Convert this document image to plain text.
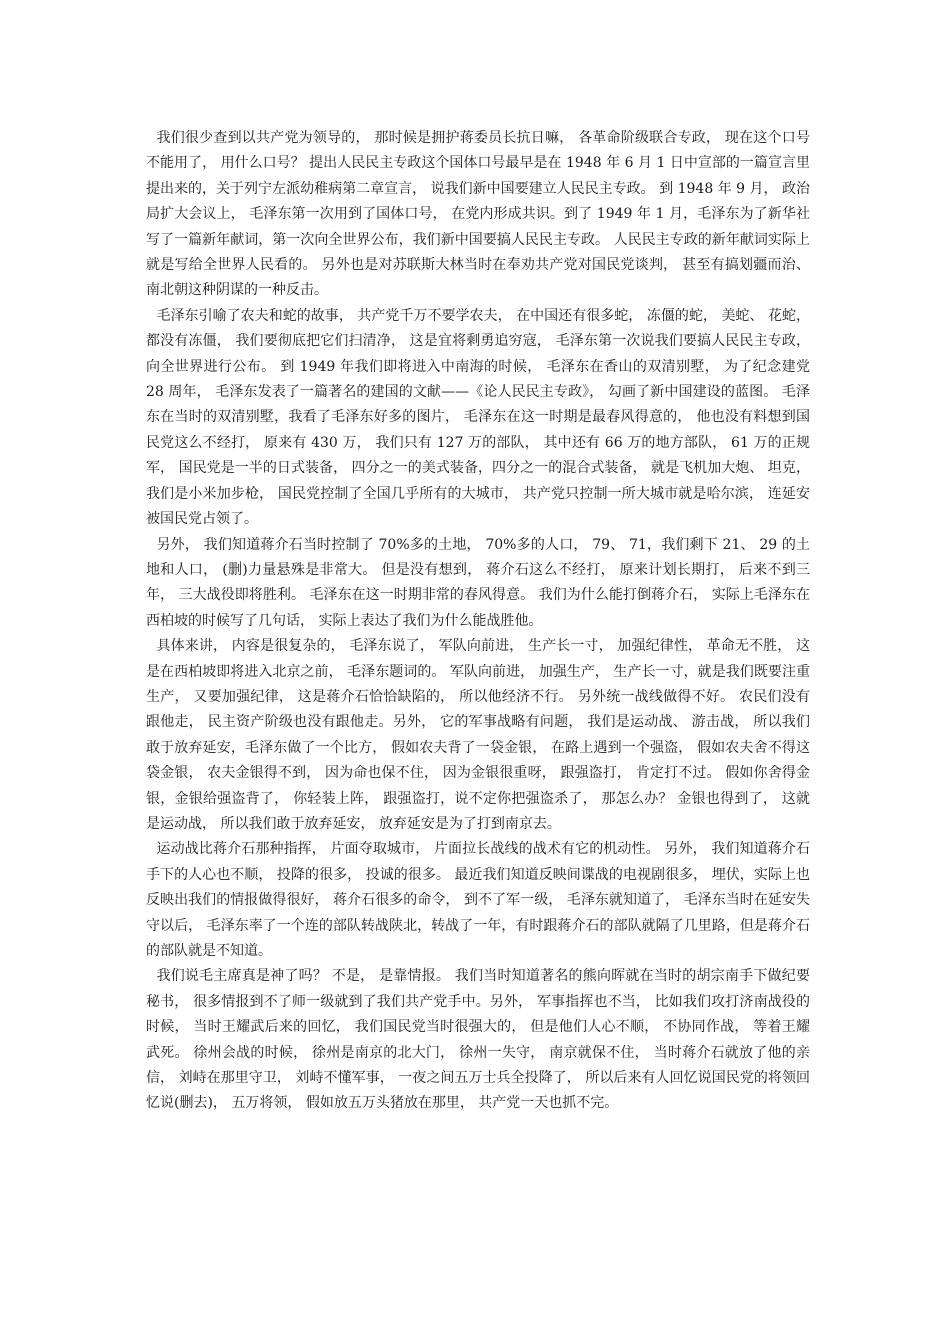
我们很少查到以共产党为领导的， 那时候是拥护蒋委员长抗日嘛， 各革命阶级联合专政， 现在这个口号不能用了， 用什么口号？ 提出人民民主专政这个国体口号最早是在 1948 年 6 月 1 日中宣部的一篇宣言里提出来的，关于列宁左派幼稚病第二章宣言， 说我们新中国要建立人民民主专政。 到 1948 年 9 月， 政治局扩大会议上， 毛泽东第一次用到了国体口号， 在党内形成共识。到了 1949 年 1 月，毛泽东为了新华社写了一篇新年献词，第一次向全世界公布，我们新中国要搞人民民主专政。 人民民主专政的新年献词实际上就是写给全世界人民看的。 另外也是对苏联斯大林当时在奉劝共产党对国民党谈判， 甚至有搞划疆而治、 南北朝这种阴谋的一种反击。

毛泽东引喻了农夫和蛇的故事， 共产党千万不要学农夫， 在中国还有很多蛇， 冻僵的蛇， 美蛇、 花蛇， 都没有冻僵， 我们要彻底把它们扫清净， 这是宜将剩勇追穷寇， 毛泽东第一次说我们要搞人民民主专政， 向全世界进行公布。 到 1949 年我们即将进入中南海的时候， 毛泽东在香山的双清别墅， 为了纪念建党 28 周年， 毛泽东发表了一篇著名的建国的文献——《论人民民主专政》， 勾画了新中国建设的蓝图。 毛泽东在当时的双清别墅，我看了毛泽东好多的图片， 毛泽东在这一时期是最春风得意的， 他也没有料想到国民党这么不经打， 原来有 430 万， 我们只有 127 万的部队， 其中还有 66 万的地方部队， 61 万的正规军， 国民党是一半的日式装备， 四分之一的美式装备，四分之一的混合式装备， 就是飞机加大炮、 坦克， 我们是小米加步枪， 国民党控制了全国几乎所有的大城市， 共产党只控制一所大城市就是哈尔滨， 连延安被国民党占领了。

另外， 我们知道蒋介石当时控制了 70%多的土地， 70%多的人口， 79、 71，我们剩下 21、 29 的土地和人口， (删)力量悬殊是非常大。 但是没有想到， 蒋介石这么不经打， 原来计划长期打， 后来不到三年， 三大战役即将胜利。 毛泽东在这一时期非常的春风得意。 我们为什么能打倒蒋介石， 实际上毛泽东在西柏坡的时候写了几句话， 实际上表达了我们为什么能战胜他。

具体来讲， 内容是很复杂的， 毛泽东说了， 军队向前进， 生产长一寸， 加强纪律性， 革命无不胜， 这是在西柏坡即将进入北京之前， 毛泽东题词的。 军队向前进， 加强生产， 生产长一寸，就是我们既要注重生产， 又要加强纪律， 这是蒋介石恰恰缺陷的， 所以他经济不行。 另外统一战线做得不好。 农民们没有跟他走， 民主资产阶级也没有跟他走。另外， 它的军事战略有问题， 我们是运动战、 游击战， 所以我们敢于放弃延安，毛泽东做了一个比方， 假如农夫背了一袋金银， 在路上遇到一个强盗， 假如农夫舍不得这袋金银， 农夫金银得不到， 因为命也保不住， 因为金银很重呀， 跟强盗打， 肯定打不过。 假如你舍得金银，金银给强盗背了， 你轻装上阵， 跟强盗打，说不定你把强盗杀了， 那怎么办？ 金银也得到了， 这就是运动战， 所以我们敢于放弃延安， 放弃延安是为了打到南京去。

运动战比蒋介石那种指挥， 片面夺取城市， 片面拉长战线的战术有它的机动性。 另外， 我们知道蒋介石手下的人心也不顺， 投降的很多， 投诚的很多。 最近我们知道反映间谍战的电视剧很多， 埋伏，实际上也反映出我们的情报做得很好， 蒋介石很多的命令， 到不了军一级， 毛泽东就知道了， 毛泽东当时在延安失守以后， 毛泽东率了一个连的部队转战陕北，转战了一年，有时跟蒋介石的部队就隔了几里路，但是蒋介石的部队就是不知道。

我们说毛主席真是神了吗？ 不是， 是靠情报。 我们当时知道著名的熊向晖就在当时的胡宗南手下做纪要秘书， 很多情报到不了师一级就到了我们共产党手中。另外， 军事指挥也不当， 比如我们攻打济南战役的时候， 当时王耀武后来的回忆， 我们国民党当时很强大的， 但是他们人心不顺， 不协同作战， 等着王耀武死。 徐州会战的时候， 徐州是南京的北大门， 徐州一失守， 南京就保不住， 当时蒋介石就放了他的亲信， 刘峙在那里守卫， 刘峙不懂军事， 一夜之间五万士兵全投降了， 所以后来有人回忆说国民党的将领回忆说(删去)， 五万将领， 假如放五万头猪放在那里， 共产党一天也抓不完。
